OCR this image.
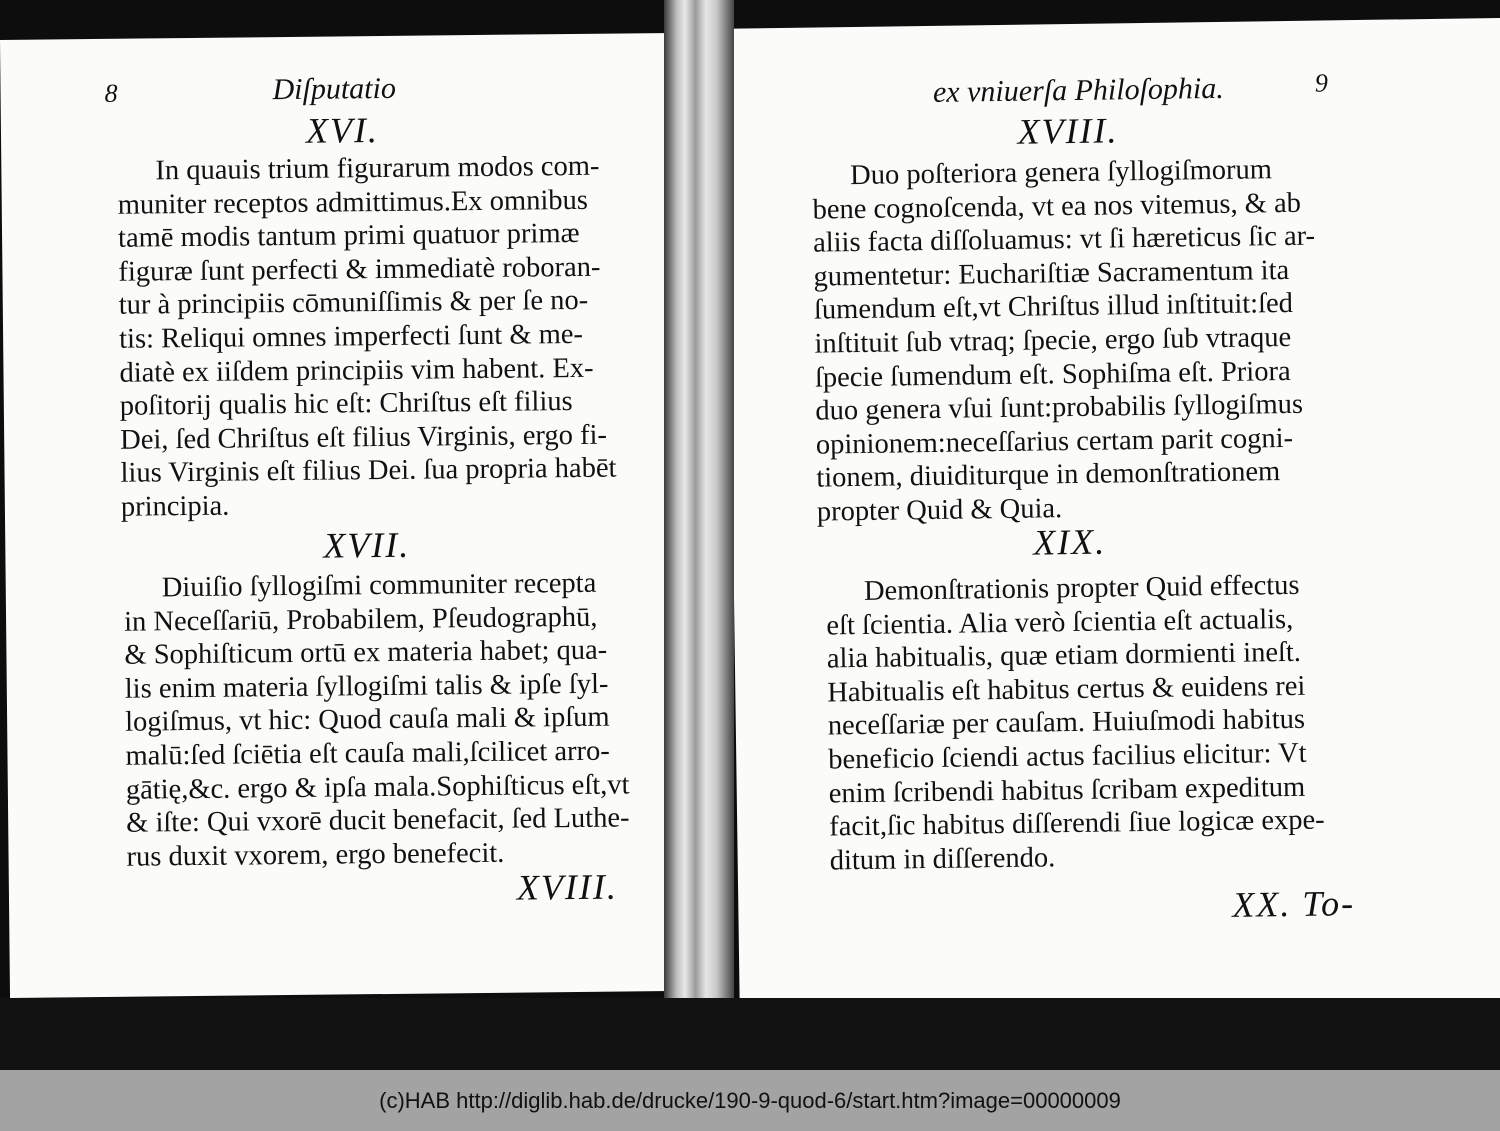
8	Diſputatio
XVI.
In quauis trium figurarum modos com-
muniter receptos admittimus.Ex omnibus
tamē modis tantum primi quatuor primæ
figuræ ſunt perfecti & immediatè roboran-
tur à principiis cōmuniſſimis & per ſe no-
tis: Reliqui omnes imperfecti ſunt & me-
diatè ex iiſdem principiis vim habent. Ex-
poſitorij qualis hic eſt: Chriſtus eſt filius
Dei, ſed Chriſtus eſt filius Virginis, ergo fi-
lius Virginis eſt filius Dei. ſua propria habēt
principia.
XVII.
Diuiſio ſyllogiſmi communiter recepta
in Neceſſariū, Probabilem, Pſeudographū,
& Sophiſticum ortū ex materia habet; qua-
lis enim materia ſyllogiſmi talis & ipſe ſyl-
logiſmus, vt hic: Quod cauſa mali & ipſum
malū:ſed ſciētia eſt cauſa mali,ſcilicet arro-
gātię,&c. ergo & ipſa mala.Sophiſticus eſt,vt
& iſte: Qui vxorē ducit benefacit, ſed Luthe-
rus duxit vxorem, ergo benefecit.
XVIII.
ex vniuerſa Philoſophia.	9
XVIII.
Duo poſteriora genera ſyllogiſmorum
bene cognoſcenda, vt ea nos vitemus, & ab
aliis facta diſſoluamus: vt ſi hæreticus ſic ar-
gumentetur: Euchariſtiæ Sacramentum ita
ſumendum eſt,vt Chriſtus illud inſtituit:ſed
inſtituit ſub vtraq; ſpecie, ergo ſub vtraque
ſpecie ſumendum eſt. Sophiſma eſt. Priora
duo genera vſui ſunt:probabilis ſyllogiſmus
opinionem:neceſſarius certam parit cogni-
tionem, diuiditurque in demonſtrationem
propter Quid & Quia.
XIX.
Demonſtrationis propter Quid effectus
eſt ſcientia. Alia verò ſcientia eſt actualis,
alia habitualis, quæ etiam dormienti ineſt.
Habitualis eſt habitus certus & euidens rei
neceſſariæ per cauſam. Huiuſmodi habitus
beneficio ſciendi actus facilius elicitur: Vt
enim ſcribendi habitus ſcribam expeditum
facit,ſic habitus diſſerendi ſiue logicæ expe-
ditum in diſſerendo.
XX. To-
(c)HAB http://diglib.hab.de/drucke/190-9-quod-6/start.htm?image=00000009
